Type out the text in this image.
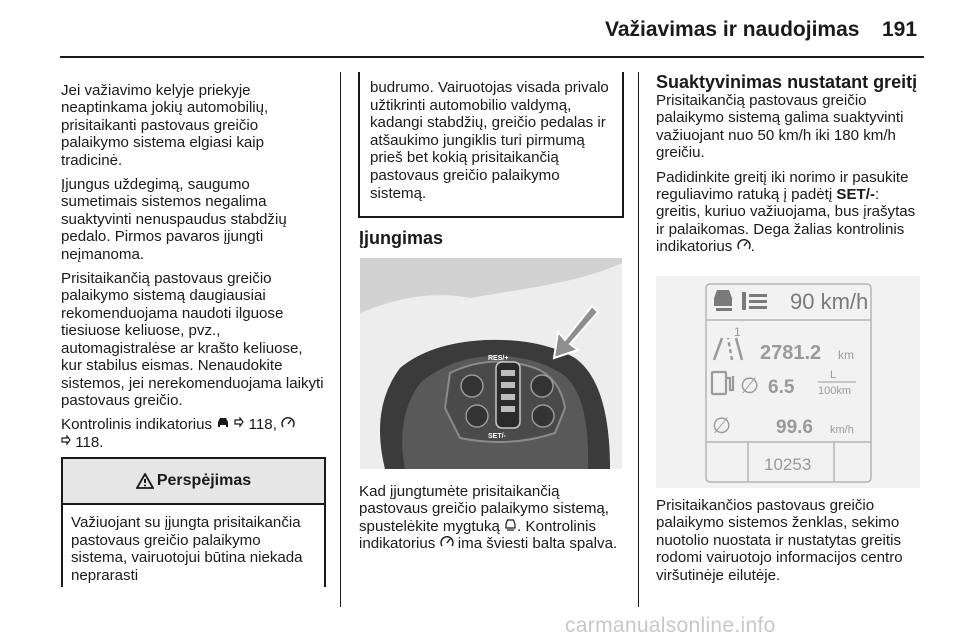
Važiavimas ir naudojimas 191

Jei važiavimo kelyje priekyje neaptinkama jokių automobilių, prisitaikanti pastovaus greičio palaikymo sistema elgiasi kaip tradicinė.

Įjungus uždegimą, saugumo sumetimais sistemos negalima suaktyvinti nenuspaudus stabdžių pedalo. Pirmos pavaros įjungti neįmanoma.

Prisitaikančią pastovaus greičio palaikymo sistemą daugiausiai rekomenduojama naudoti ilguose tiesiuose keliuose, pvz., automagistralėse ar krašto keliuose, kur stabilus eismas. Nenaudokite sistemos, jei nerekomenduojama laikyti pastovaus greičio.

Kontrolinis indikatorius 118,
118.

Perspėjimas
Važiuojant su įjungta prisitaikančia pastovaus greičio palaikymo sistema, vairuotojui būtina niekada neprarasti
budrumo. Vairuotojas visada privalo užtikrinti automobilio valdymą, kadangi stabdžių, greičio pedalas ir atšaukimo jungiklis turi pirmumą prieš bet kokią prisitaikančią pastovaus greičio palaikymo sistemą.
Įjungimas
RES/+
SET/-
Kad įjungtumėte prisitaikančią pastovaus greičio palaikymo sistemą, spustelėkite mygtuką . Kontrolinis indikatorius ima šviesti balta spalva.

Suaktyvinimas nustatant greitį

Prisitaikančią pastovaus greičio palaikymo sistemą galima suaktyvinti važiuojant nuo 50 km/h iki 180 km/h greičiu.

Padidinkite greitį iki norimo ir pasukite reguliavimo ratuką į padėtį SET/-: greitis, kuriuo važiuojama, bus įrašytas ir palaikomas. Dega žalias kontrolinis indikatorius .

90 km/h
1
2781.2 km
∅ 6.5
L
100km
∅ 99.6 km/h
10253
Prisitaikančios pastovaus greičio palaikymo sistemos ženklas, sekimo nuotolio nuostata ir nustatytas greitis rodomi vairuotojo informacijos centro viršutinėje eilutėje.
carmanualsonline.info
